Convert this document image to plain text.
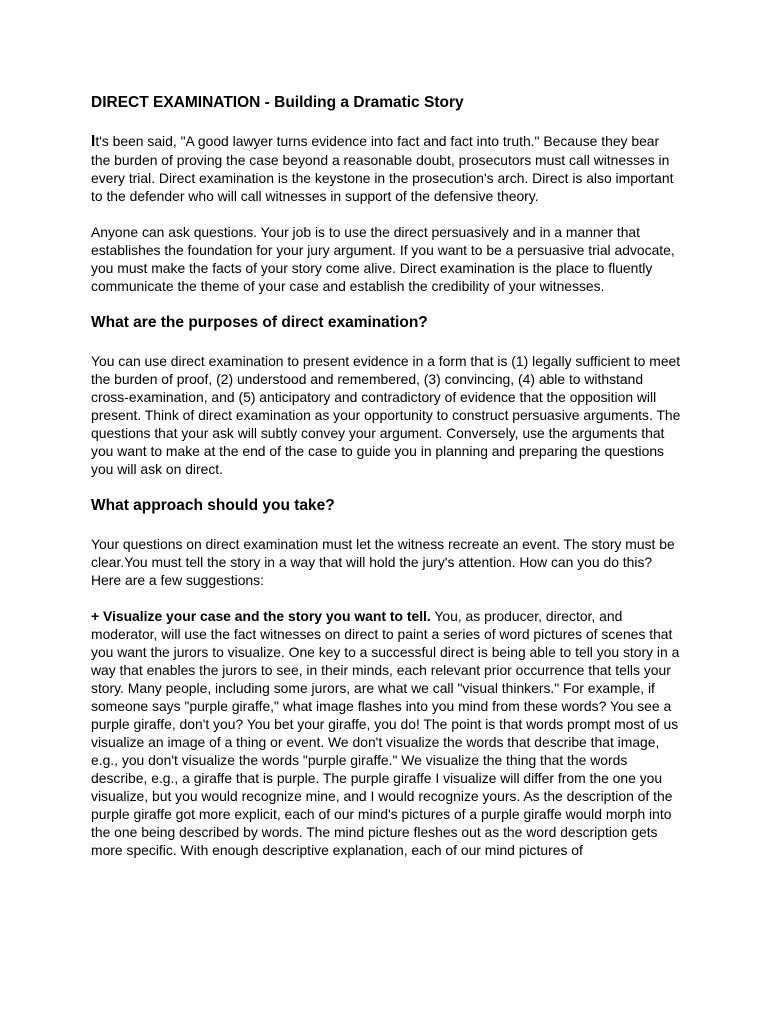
DIRECT EXAMINATION - Building a Dramatic Story

It's been said, "A good lawyer turns evidence into fact and fact into truth." Because they bear the burden of proving the case beyond a reasonable doubt, prosecutors must call witnesses in every trial. Direct examination is the keystone in the prosecution's arch. Direct is also important to the defender who will call witnesses in support of the defensive theory.

Anyone can ask questions. Your job is to use the direct persuasively and in a manner that establishes the foundation for your jury argument. If you want to be a persuasive trial advocate, you must make the facts of your story come alive. Direct examination is the place to fluently communicate the theme of your case and establish the credibility of your witnesses.

What are the purposes of direct examination?

You can use direct examination to present evidence in a form that is (1) legally sufficient to meet the burden of proof, (2) understood and remembered, (3) convincing, (4) able to withstand cross-examination, and (5) anticipatory and contradictory of evidence that the opposition will present. Think of direct examination as your opportunity to construct persuasive arguments. The questions that your ask will subtly convey your argument. Conversely, use the arguments that you want to make at the end of the case to guide you in planning and preparing the questions you will ask on direct.

What approach should you take?

Your questions on direct examination must let the witness recreate an event. The story must be clear.You must tell the story in a way that will hold the jury's attention. How can you do this? Here are a few suggestions:

+ Visualize your case and the story you want to tell. You, as producer, director, and moderator, will use the fact witnesses on direct to paint a series of word pictures of scenes that you want the jurors to visualize. One key to a successful direct is being able to tell you story in a way that enables the jurors to see, in their minds, each relevant prior occurrence that tells your story. Many people, including some jurors, are what we call "visual thinkers." For example, if someone says "purple giraffe," what image flashes into you mind from these words? You see a purple giraffe, don't you? You bet your giraffe, you do! The point is that words prompt most of us visualize an image of a thing or event. We don't visualize the words that describe that image, e.g., you don't visualize the words "purple giraffe." We visualize the thing that the words describe, e.g., a giraffe that is purple. The purple giraffe I visualize will differ from the one you visualize, but you would recognize mine, and I would recognize yours. As the description of the purple giraffe got more explicit, each of our mind's pictures of a purple giraffe would morph into the one being described by words. The mind picture fleshes out as the word description gets more specific. With enough descriptive explanation, each of our mind pictures of
